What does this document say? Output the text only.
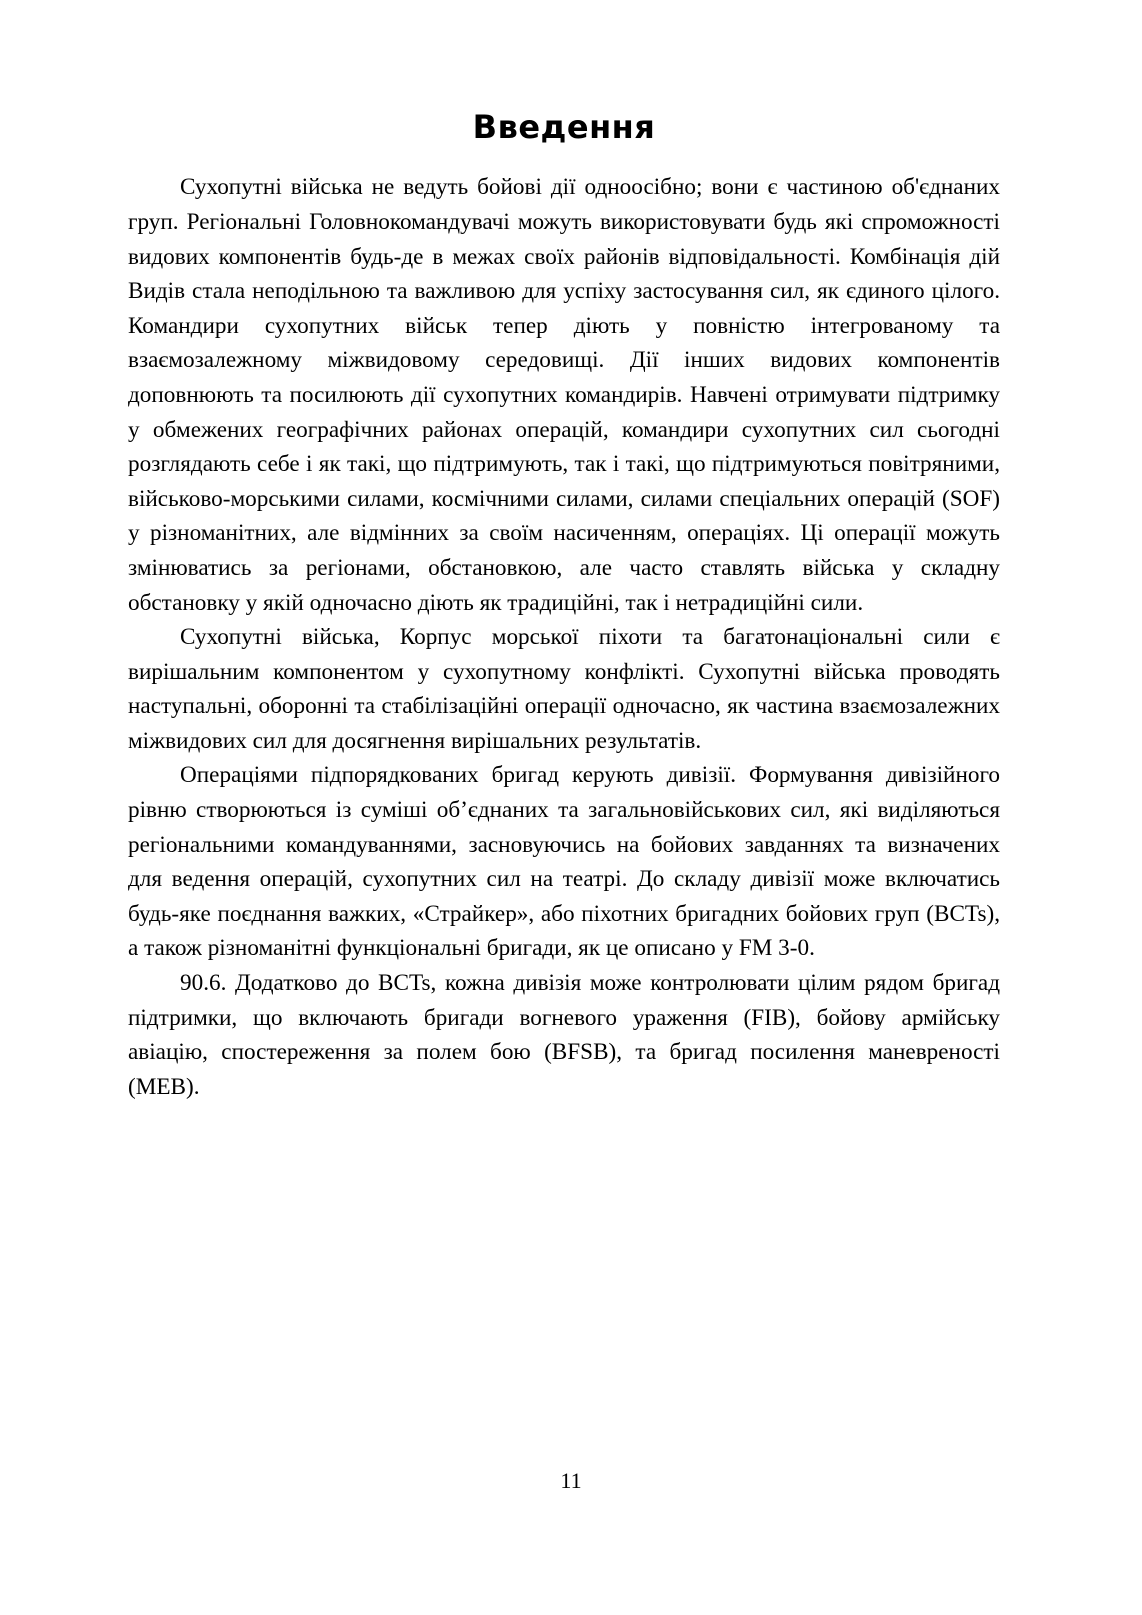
Введення

Сухопутні війська не ведуть бойові дії одноосібно; вони є частиною об'єднаних груп. Регіональні Головнокомандувачі можуть використовувати будь які спроможності видових компонентів будь-де в межах своїх районів відповідальності. Комбінація дій Видів стала неподільною та важливою для успіху застосування сил, як єдиного цілого. Командири сухопутних військ тепер діють у повністю інтегрованому та взаємозалежному міжвидовому середовищі. Дії інших видових компонентів доповнюють та посилюють дії сухопутних командирів. Навчені отримувати підтримку у обмежених географічних районах операцій, командири сухопутних сил сьогодні розглядають себе і як такі, що підтримують, так і такі, що підтримуються повітряними, військово-морськими силами, космічними силами, силами спеціальних операцій (SOF) у різноманітних, але відмінних за своїм насиченням, операціях. Ці операції можуть змінюватись за регіонами, обстановкою, але часто ставлять війська у складну обстановку у якій одночасно діють як традиційні, так і нетрадиційні сили.

Сухопутні війська, Корпус морської піхоти та багатонаціональні сили є вирішальним компонентом у сухопутному конфлікті. Сухопутні війська проводять наступальні, оборонні та стабілізаційні операції одночасно, як частина взаємозалежних міжвидових сил для досягнення вирішальних результатів.

Операціями підпорядкованих бригад керують дивізії. Формування дивізійного рівню створюються із суміші об’єднаних та загальновійськових сил, які виділяються регіональними командуваннями, засновуючись на бойових завданнях та визначених для ведення операцій, сухопутних сил на театрі. До складу дивізії може включатись будь-яке поєднання важких, «Страйкер», або піхотних бригадних бойових груп (BCTs), а також різноманітні функціональні бригади, як це описано у FM 3-0.

90.6. Додатково до BCTs, кожна дивізія може контролювати цілим рядом бригад підтримки, що включають бригади вогневого ураження (FIB), бойову армійську авіацію, спостереження за полем бою (BFSB), та бригад посилення маневреності (MEB).

11
